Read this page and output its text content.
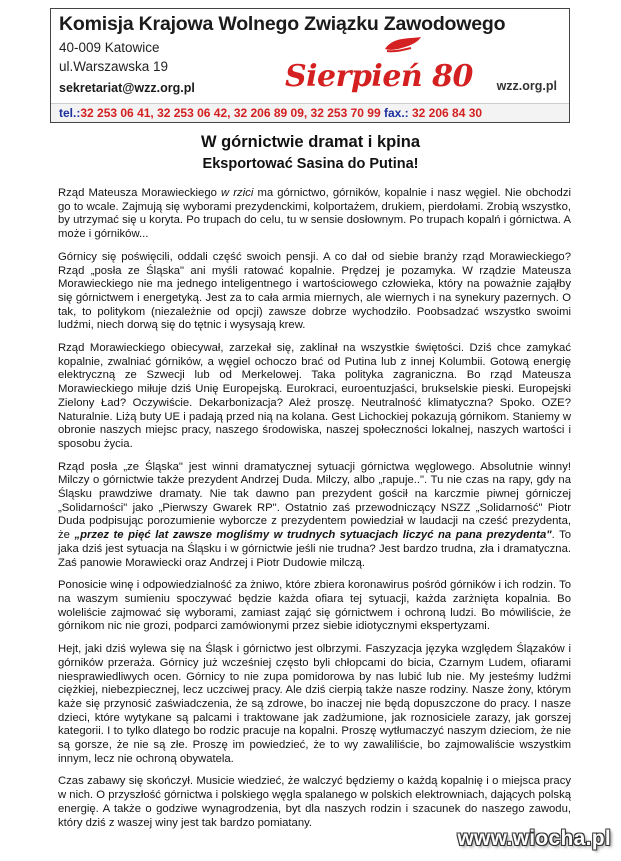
Komisja Krajowa Wolnego Związku Zawodowego
40-009 Katowice
ul.Warszawska 19
sekretariat@wzz.org.pl	Sierpień 80 wzz.org.pl
tel.:32 253 06 41, 32 253 06 42, 32 206 89 09, 32 253 70 99 fax.: 32 206 84 30
W górnictwie dramat i kpina
Eksportować Sasina do Putina!

Rząd Mateusza Morawieckiego w rzici ma górnictwo, górników, kopalnie i nasz węgiel. Nie obchodzi go to wcale. Zajmują się wyborami prezydenckimi, kolportażem, drukiem, pierdołami. Zrobią wszystko, by utrzymać się u koryta. Po trupach do celu, tu w sensie dosłownym. Po trupach kopalń i górnictwa. A może i górników...

Górnicy się poświęcili, oddali część swoich pensji. A co dał od siebie branży rząd Morawieckiego? Rząd „posła ze Śląska" ani myśli ratować kopalnie. Prędzej je pozamyka. W rządzie Mateusza Morawieckiego nie ma jednego inteligentnego i wartościowego człowieka, który na poważnie zająłby się górnictwem i energetyką. Jest za to cała armia miernych, ale wiernych i na synekury pazernych. O tak, to politykom (niezależnie od opcji) zawsze dobrze wychodziło. Poobsadzać wszystko swoimi ludźmi, niech dorwą się do tętnic i wysysają krew.

Rząd Morawieckiego obiecywał, zarzekał się, zaklinał na wszystkie świętości. Dziś chce zamykać kopalnie, zwalniać górników, a węgiel ochoczo brać od Putina lub z innej Kolumbii. Gotową energię elektryczną ze Szwecji lub od Merkelowej. Taka polityka zagraniczna. Bo rząd Mateusza Morawieckiego miłuje dziś Unię Europejską. Eurokraci, euroentuzjaści, brukselskie pieski. Europejski Zielony Ład? Oczywiście. Dekarbonizacja? Ależ proszę. Neutralność klimatyczna? Spoko. OZE? Naturalnie. Liżą buty UE i padają przed nią na kolana. Gest Lichockiej pokazują górnikom. Staniemy w obronie naszych miejsc pracy, naszego środowiska, naszej społeczności lokalnej, naszych wartości i sposobu życia.

Rząd posła „ze Śląska" jest winni dramatycznej sytuacji górnictwa węglowego. Absolutnie winny! Milczy o górnictwie także prezydent Andrzej Duda. Milczy, albo „rapuje..". Tu nie czas na rapy, gdy na Śląsku prawdziwe dramaty. Nie tak dawno pan prezydent gościł na karczmie piwnej górniczej „Solidarności" jako „Pierwszy Gwarek RP". Ostatnio zaś przewodniczący NSZZ „Solidarność" Piotr Duda podpisując porozumienie wyborcze z prezydentem powiedział w laudacji na cześć prezydenta, że „przez te pięć lat zawsze mogliśmy w trudnych sytuacjach liczyć na pana prezydenta". To jaka dziś jest sytuacja na Śląsku i w górnictwie jeśli nie trudna? Jest bardzo trudna, zła i dramatyczna. Zaś panowie Morawiecki oraz Andrzej i Piotr Dudowie milczą.

Ponosicie winę i odpowiedzialność za żniwo, które zbiera koronawirus pośród górników i ich rodzin. To na waszym sumieniu spoczywać będzie każda ofiara tej sytuacji, każda zarżnięta kopalnia. Bo woleliście zajmować się wyborami, zamiast zająć się górnictwem i ochroną ludzi. Bo mówiliście, że górnikom nic nie grozi, podparci zamówionymi przez siebie idiotycznymi ekspertyzami.

Hejt, jaki dziś wylewa się na Śląsk i górnictwo jest olbrzymi. Faszyzacja języka względem Ślązaków i górników przeraża. Górnicy już wcześniej często byli chłopcami do bicia, Czarnym Ludem, ofiarami niesprawiedliwych ocen. Górnicy to nie zupa pomidorowa by nas lubić lub nie. My jesteśmy ludźmi ciężkiej, niebezpiecznej, lecz uczciwej pracy. Ale dziś cierpią także nasze rodziny. Nasze żony, którym każe się przynosić zaświadczenia, że są zdrowe, bo inaczej nie będą dopuszczone do pracy. I nasze dzieci, które wytykane są palcami i traktowane jak zadżumione, jak roznosiciele zarazy, jak gorszej kategorii. I to tylko dlatego bo rodzic pracuje na kopalni. Proszę wytłumaczyć naszym dzieciom, że nie są gorsze, że nie są złe. Proszę im powiedzieć, że to wy zawaliliście, bo zajmowaliście wszystkim innym, lecz nie ochroną obywatela.

Czas zabawy się skończył. Musicie wiedzieć, że walczyć będziemy o każdą kopalnię i o miejsca pracy w nich. O przyszłość górnictwa i polskiego węgla spalanego w polskich elektrowniach, dających polską energię. A także o godziwe wynagrodzenia, byt dla naszych rodzin i szacunek do naszego zawodu, który dziś z waszej winy jest tak bardzo pomiatany.

www.wiocha.pl
